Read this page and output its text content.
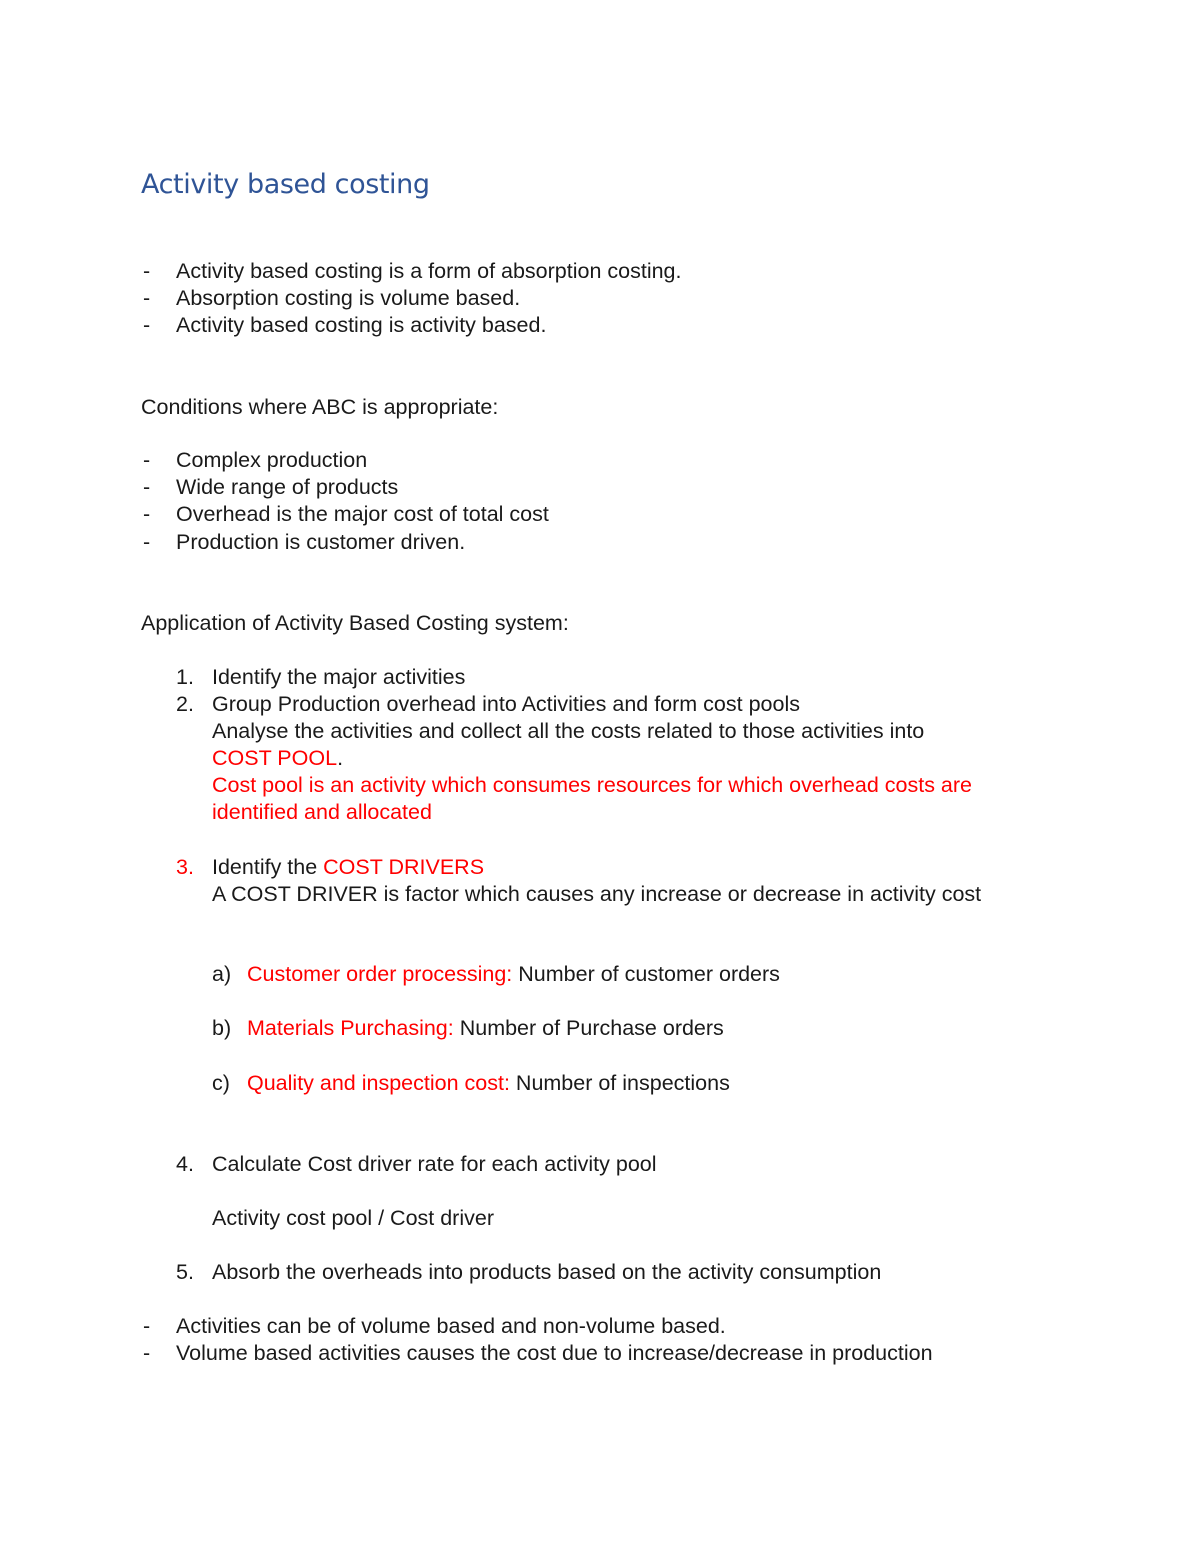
Activity based costing
- Activity based costing is a form of absorption costing.
- Absorption costing is volume based.
- Activity based costing is activity based.
Conditions where ABC is appropriate:
- Complex production
- Wide range of products
- Overhead is the major cost of total cost
- Production is customer driven.
Application of Activity Based Costing system:
1. Identify the major activities
2. Group Production overhead into Activities and form cost pools
Analyse the activities and collect all the costs related to those activities into
COST POOL.
Cost pool is an activity which consumes resources for which overhead costs are
identified and allocated
3. Identify the COST DRIVERS
A COST DRIVER is factor which causes any increase or decrease in activity cost
a) Customer order processing: Number of customer orders
b) Materials Purchasing: Number of Purchase orders
c) Quality and inspection cost: Number of inspections
4. Calculate Cost driver rate for each activity pool
Activity cost pool / Cost driver
5. Absorb the overheads into products based on the activity consumption
- Activities can be of volume based and non-volume based.
- Volume based activities causes the cost due to increase/decrease in production
